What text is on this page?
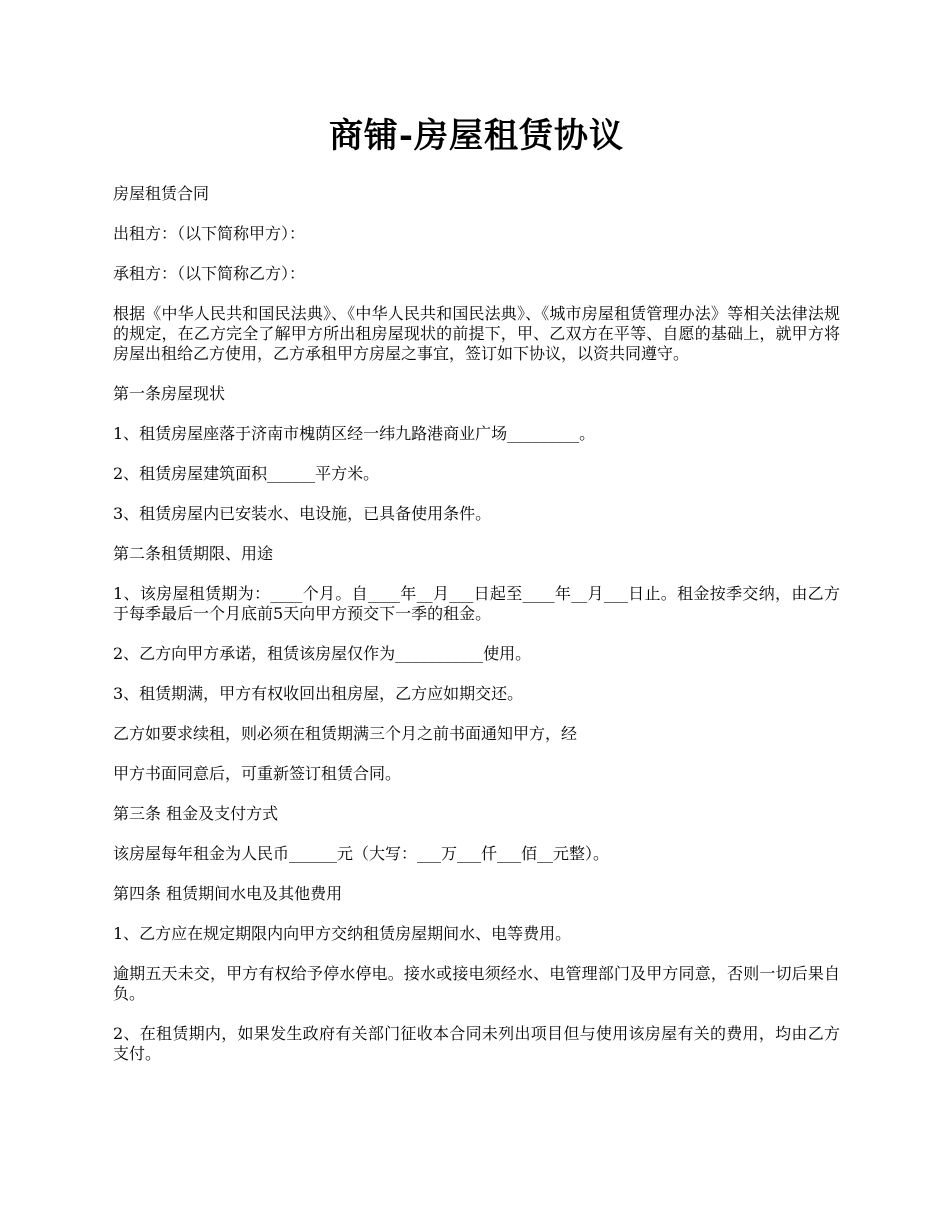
商铺-房屋租赁协议

房屋租赁合同

出租方：（以下简称甲方）：

承租方：（以下简称乙方）：

根据《中华人民共和国民法典》、《中华人民共和国民法典》、《城市房屋租赁管理办法》等相关法律法规的规定，在乙方完全了解甲方所出租房屋现状的前提下，甲、乙双方在平等、自愿的基础上，就甲方将房屋出租给乙方使用，乙方承租甲方房屋之事宜，签订如下协议，以资共同遵守。

第一条房屋现状

1、租赁房屋座落于济南市槐荫区经一纬九路港商业广场_________。

2、租赁房屋建筑面积______平方米。

3、租赁房屋内已安装水、电设施，已具备使用条件。

第二条租赁期限、用途

1、该房屋租赁期为：____个月。自____年__月___日起至____年__月___日止。租金按季交纳，由乙方于每季最后一个月底前5天向甲方预交下一季的租金。

2、乙方向甲方承诺，租赁该房屋仅作为___________使用。

3、租赁期满，甲方有权收回出租房屋，乙方应如期交还。

乙方如要求续租，则必须在租赁期满三个月之前书面通知甲方，经

甲方书面同意后，可重新签订租赁合同。

第三条 租金及支付方式

该房屋每年租金为人民币______元（大写：___万___仟___佰__元整）。

第四条 租赁期间水电及其他费用

1、乙方应在规定期限内向甲方交纳租赁房屋期间水、电等费用。

逾期五天未交，甲方有权给予停水停电。接水或接电须经水、电管理部门及甲方同意，否则一切后果自负。

2、在租赁期内，如果发生政府有关部门征收本合同未列出项目但与使用该房屋有关的费用，均由乙方支付。
